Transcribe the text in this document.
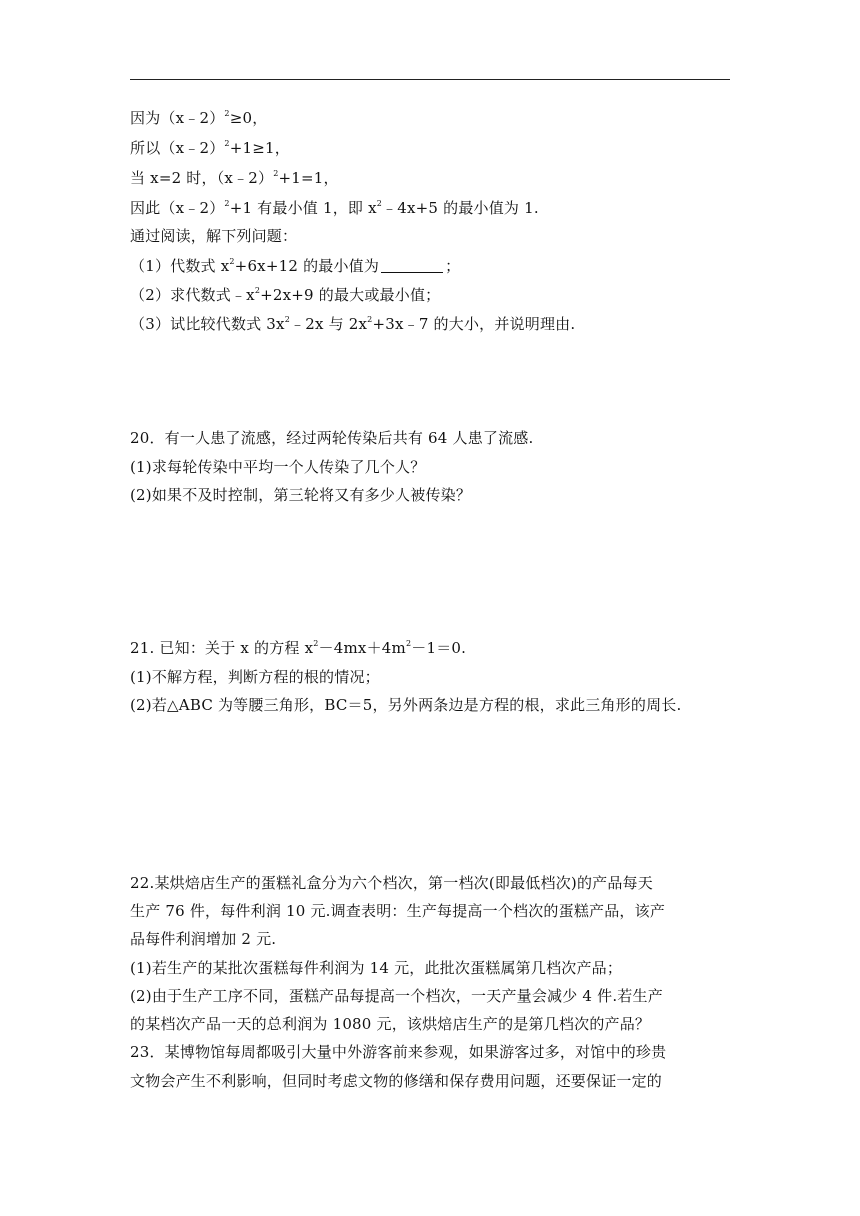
因为（x﹣2）$^2$≥0，
所以（x﹣2）$^2$+1≥1，
当 x=2 时，（x﹣2）$^2$+1=1，
因此（x﹣2）$^2$+1 有最小值 1，即 $x^2﹣4x+5$ 的最小值为 1.
通过阅读，解下列问题：
（1）代数式 $x^2+6x+12$ 的最小值为	；
（2）求代数式$﹣x^2+2x+9$ 的最大或最小值；
（3）试比较代数式 $3x^2﹣2x$ 与 $2x^2+3x﹣7$ 的大小，并说明理由.
20．有一人患了流感，经过两轮传染后共有 64 人患了流感.
(1)求每轮传染中平均一个人传染了几个人？
(2)如果不及时控制，第三轮将又有多少人被传染？
21. 已知：关于 x 的方程 $x^2-4mx+4m^2-1=0$.
(1)不解方程，判断方程的根的情况；
(2)若△ABC 为等腰三角形，BC＝5，另外两条边是方程的根，求此三角形的周长.
22.某烘焙店生产的蛋糕礼盒分为六个档次，第一档次(即最低档次)的产品每天
生产 76 件，每件利润 10 元.调查表明：生产每提高一个档次的蛋糕产品，该产
品每件利润增加 2 元.
(1)若生产的某批次蛋糕每件利润为 14 元，此批次蛋糕属第几档次产品；
(2)由于生产工序不同，蛋糕产品每提高一个档次，一天产量会减少 4 件.若生产
的某档次产品一天的总利润为 1080 元，该烘焙店生产的是第几档次的产品？
23．某博物馆每周都吸引大量中外游客前来参观，如果游客过多，对馆中的珍贵
文物会产生不利影响，但同时考虑文物的修缮和保存费用问题，还要保证一定的
